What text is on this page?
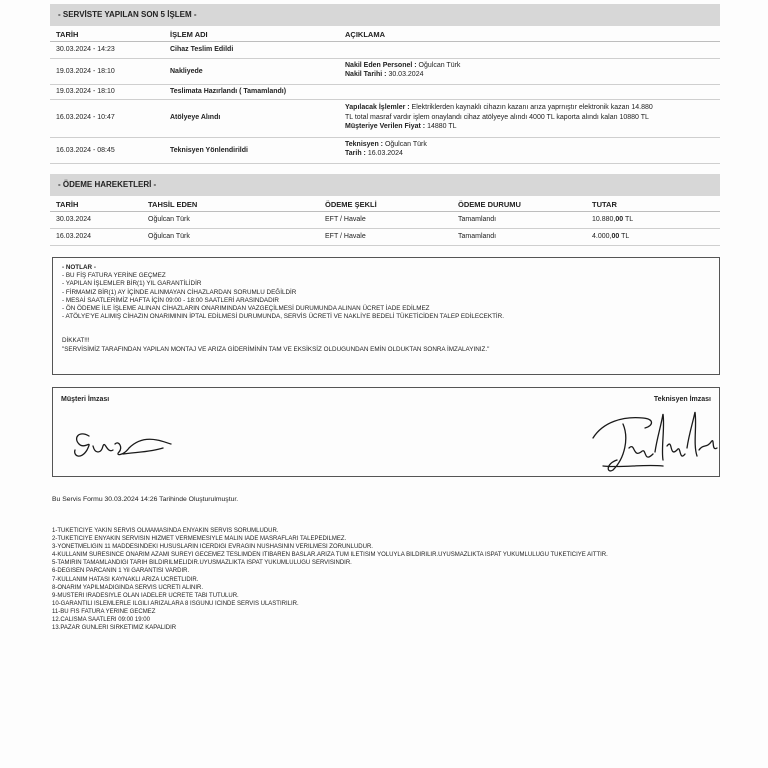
- SERVİSTE YAPILAN SON 5 İŞLEM -
TARİH	İŞLEM ADI	AÇIKLAMA
30.03.2024 - 14:23	Cihaz Teslim Edildi
19.03.2024 - 18:10	Nakliyede
Nakil Eden Personel : Oğulcan Türk
Nakil Tarihi : 30.03.2024
19.03.2024 - 18:10	Teslimata Hazırlandı ( Tamamlandı)
16.03.2024 - 10:47	Atölyeye Alındı
Yapılacak İşlemler : Elektriklerden kaynaklı cihazın kazanı arıza yaprnıştır elektronik kazan 14.880
TL total masraf vardır işlem onaylandı cihaz atölyeye alındı 4000 TL kaporta alındı kalan 10880 TL
Müşteriye Verilen Fiyat : 14880 TL
16.03.2024 - 08:45	Teknisyen Yönlendirildi
Teknisyen : Oğulcan Türk
Tarih : 16.03.2024
- ÖDEME HAREKETLERİ -
TARİH	TAHSİL EDEN	ÖDEME ŞEKLİ	ÖDEME DURUMU	TUTAR
30.03.2024	Oğulcan Türk	EFT / Havale	Tamamlandı	10.880,00 TL
16.03.2024	Oğulcan Türk	EFT / Havale	Tamamlandı	4.000,00 TL
- NOTLAR -
- BU FİŞ FATURA YERİNE GEÇMEZ
- YAPILAN İŞLEMLER BİR(1) YIL GARANTİLİDİR
- FİRMAMIZ BİR(1) AY İÇİNDE ALINMAYAN CİHAZLARDAN SORUMLU DEĞİLDİR
- MESAİ SAATLERİMİZ HAFTA İÇİN 09:00 - 18:00 SAATLERİ ARASINDADIR
- ÖN ÖDEME İLE İŞLEME ALINAN CİHAZLARIN ONARIMINDAN VAZGEÇİLMESİ DURUMUNDA ALINAN ÜCRET İADE EDİLMEZ
- ATÖLYE'YE ALIMIŞ CİHAZIN ONARIMININ İPTAL EDİLMESİ DURUMUNDA, SERVİS ÜCRETİ VE NAKLİYE BEDELİ TÜKETİCİDEN TALEP EDİLECEKTİR.
DİKKAT!!!
"SERVİSİMİZ TARAFINDAN YAPILAN MONTAJ VE ARIZA GİDERİMİNİN TAM VE EKSİKSİZ OLDUGUNDAN EMİN OLDUKTAN SONRA İMZALAYINIZ."
Müşteri İmzası	Teknisyen İmzası
Bu Servis Formu 30.03.2024 14:26 Tarihinde Oluşturulmuştur.
1-TUKETICIYE YAKIN SERVIS OLMAMASINDA ENYAKIN SERVIS SORUMLUDUR.
2-TUKETICIYE ENYAKIN SERVISIN HIZMET VERMEMESIYLE MALIN IADE MASRAFLARI TALEPEDILMEZ.
3-YONETMELIGIN 11 MADDESINDEKI HUSUSLARIN ICERDIGI EVRAGIN NUSHASININ VERILMESI ZORUNLUDUR.
4-KULLANIM SURESINCE ONARIM AZAMI SUREYI GECEMEZ TESLIMDEN ITIBAREN BASLAR.ARIZA TUM ILETISIM YOLUYLA BILDIRILIR.UYUSMAZLIKTA ISPAT YUKUMLULUGU TUKETICIYE AITTIR.
5-TAMIRIN TAMAMLANDIGI TARIH BILDIRILMELIDIR.UYUSMAZLIKTA ISPAT YUKUMLULUGU SERVISINDIR.
6-DEGISEN PARCANIN 1 Yil GARANTISI VARDIR.
7-KULLANIM HATASI KAYNAKLI ARIZA UCRETLIDIR.
8-ONARIM YAPILMADIGINDA SERVIS UCRETI ALINIR.
9-MUSTERI IRADESIYLE OLAN IADELER UCRETE TABI TUTULUR.
10-GARANTILI ISLEMLERLE ILGILI ARIZALARA 8 ISGUNU ICINDE SERVIS ULASTIRILIR.
11-BU FIS FATURA YERINE GECMEZ
12.CALISMA SAATLERI 09:00 19:00
13.PAZAR GUNLERI SIRKETIMIZ KAPALIDIR
